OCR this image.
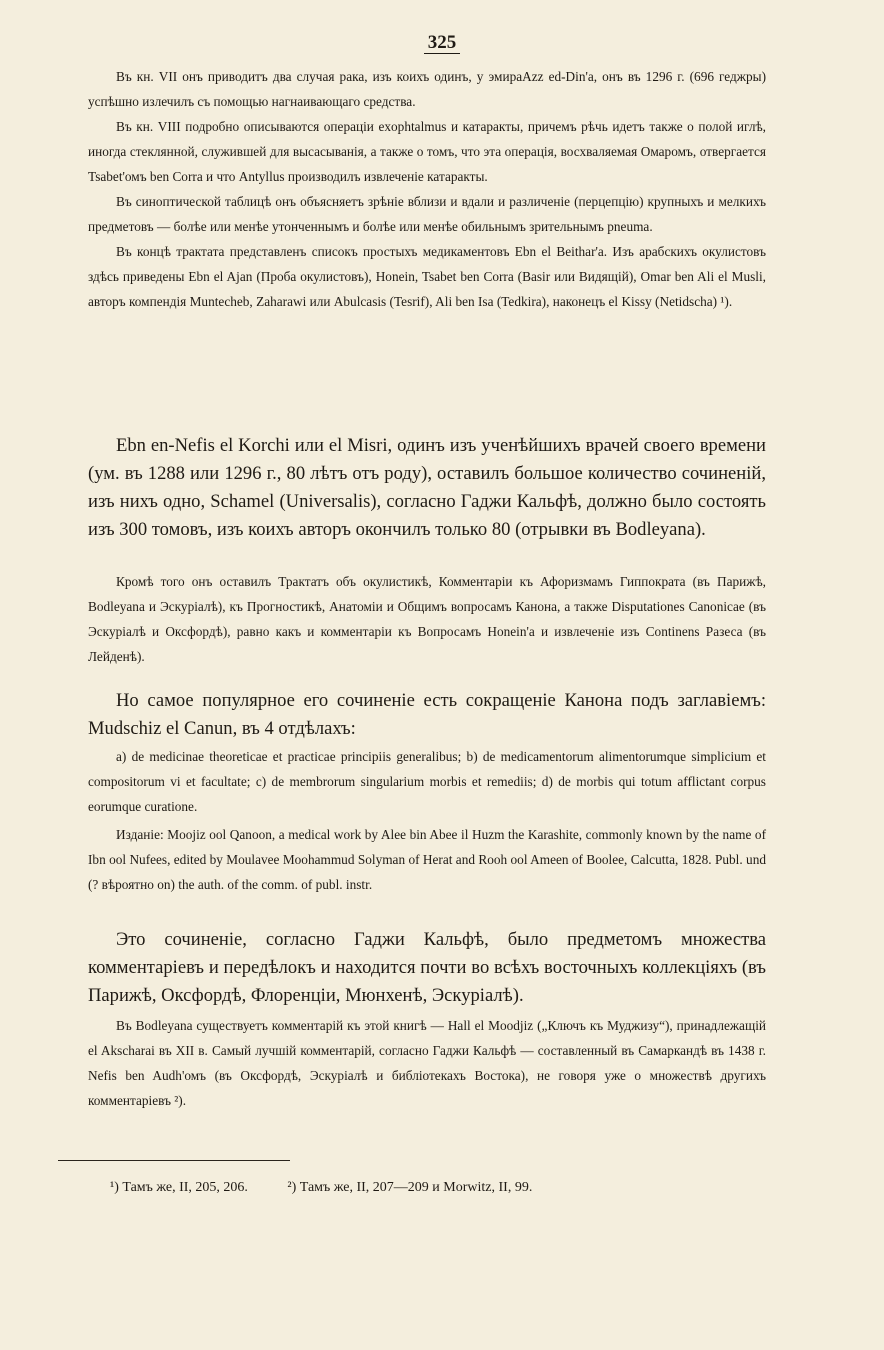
325

Въ кн. VII онъ приводитъ два случая рака, изъ коихъ одинъ, у эмираAzz ed-Din'a, онъ въ 1296 г. (696 геджры) успѣшно излечилъ съ помощью нагнаивающаго средства.

Въ кн. VIII подробно описываются операціи exophtalmus и катаракты, причемъ рѣчь идетъ также о полой иглѣ, иногда стеклянной, служившей для высасыванія, а также о томъ, что эта операція, восхваляемая Омаромъ, отвергается Tsabet'омъ ben Corra и что Antyllus производилъ извлеченіе катаракты.

Въ синоптической таблицѣ онъ объясняетъ зрѣніе вблизи и вдали и различеніе (перцепцію) крупныхъ и мелкихъ предметовъ — болѣе или менѣе утонченнымъ и болѣе или менѣе обильнымъ зрительнымъ pneuma.

Въ концѣ трактата представленъ списокъ простыхъ медикаментовъ Ebn el Beithar'a. Изъ арабскихъ окулистовъ здѣсь приведены Ebn el Ajan (Проба окулистовъ), Honein, Tsabet ben Corra (Basir или Видящій), Omar ben Ali el Musli, авторъ компендія Muntecheb, Zaharawi или Abulcasis (Tesrif), Ali ben Isa (Tedkira), наконецъ el Kissy (Netidscha) ¹).

Ebn en-Nefis el Korchi или el Misri, одинъ изъ ученѣйшихъ врачей своего времени (ум. въ 1288 или 1296 г., 80 лѣтъ отъ роду), оставилъ большое количество сочиненій, изъ нихъ одно, Schamel (Universalis), согласно Гаджи Кальфѣ, должно было состоять изъ 300 томовъ, изъ коихъ авторъ окончилъ только 80 (отрывки въ Bodleyana).

Кромѣ того онъ оставилъ Трактатъ объ окулистикѣ, Комментаріи къ Афоризмамъ Гиппократа (въ Парижѣ, Bodleyana и Эскуріалѣ), къ Прогностикѣ, Анатоміи и Общимъ вопросамъ Канона, а также Disputationes Canonicae (въ Эскуріалѣ и Оксфордѣ), равно какъ и комментаріи къ Вопросамъ Honein'a и извлеченіе изъ Continens Разеса (въ Лейденѣ).

Но самое популярное его сочиненіе есть сокращеніе Канона подъ заглавіемъ: Mudschiz el Canun, въ 4 отдѣлахъ:

a) de medicinae theoreticae et practicae principiis generalibus; b) de medicamentorum alimentorumque simplicium et compositorum vi et facultate; c) de membrorum singularium morbis et remediis; d) de morbis qui totum afflictant corpus eorumque curatione.

Изданіе: Moojiz ool Qanoon, a medical work by Alee bin Abee il Huzm the Karashite, commonly known by the name of Ibn ool Nufees, edited by Moulavee Moohammud Solyman of Herat and Rooh ool Ameen of Boolee, Calcutta, 1828. Publ. und (? вѣроятно on) the auth. of the comm. of publ. instr.

Это сочиненіе, согласно Гаджи Кальфѣ, было предметомъ множества комментаріевъ и передѣлокъ и находится почти во всѣхъ восточныхъ коллекціяхъ (въ Парижѣ, Оксфордѣ, Флоренціи, Мюнхенѣ, Эскуріалѣ).

Въ Bodleyana существуетъ комментарій къ этой книгѣ — Hall el Moodjiz („Ключъ къ Муджизу“), принадлежащій el Akscharai въ XII в. Самый лучшій комментарій, согласно Гаджи Кальфѣ — составленный въ Самаркандѣ въ 1438 г. Nefis ben Audh'омъ (въ Оксфордѣ, Эскуріалѣ и библіотекахъ Востока), не говоря уже о множествѣ другихъ комментаріевъ ²).

¹) Тамъ же, II, 205, 206.	²) Тамъ же, II, 207—209 и Morwitz, II, 99.
